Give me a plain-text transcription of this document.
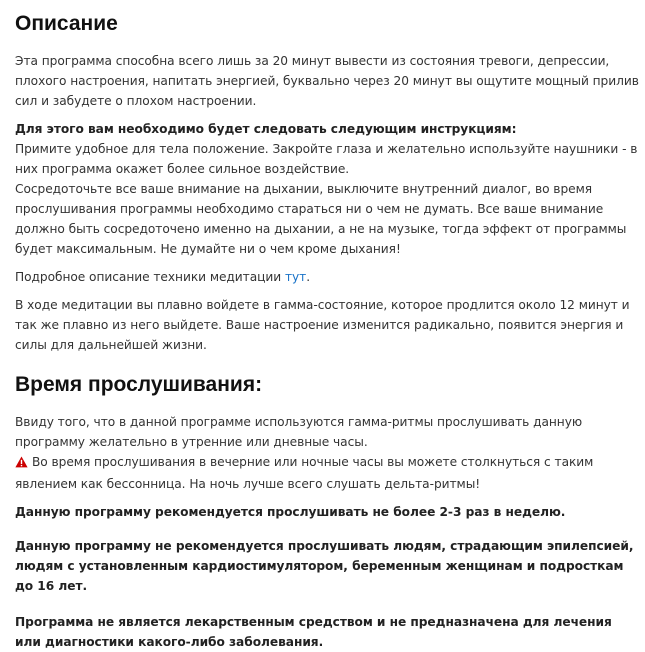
Описание

Эта программа способна всего лишь за 20 минут вывести из состояния тревоги, депрессии, плохого настроения, напитать энергией, буквально через 20 минут вы ощутите мощный прилив сил и забудете о плохом настроении.

Для этого вам необходимо будет следовать следующим инструкциям:
Примите удобное для тела положение. Закройте глаза и желательно используйте наушники - в них программа окажет более сильное воздействие.
Сосредоточьте все ваше внимание на дыхании, выключите внутренний диалог, во время прослушивания программы необходимо стараться ни о чем не думать. Все ваше внимание должно быть сосредоточено именно на дыхании, а не на музыке, тогда эффект от программы будет максимальным. Не думайте ни о чем кроме дыхания!

Подробное описание техники медитации тут.

В ходе медитации вы плавно войдете в гамма-состояние, которое продлится около 12 минут и так же плавно из него выйдете. Ваше настроение изменится радикально, появится энергия и силы для дальнейшей жизни.

Время прослушивания:

Ввиду того, что в данной программе используются гамма-ритмы прослушивать данную программу желательно в утренние или дневные часы.
Во время прослушивания в вечерние или ночные часы вы можете столкнуться с таким явлением как бессонница. На ночь лучше всего слушать дельта-ритмы!

Данную программу рекомендуется прослушивать не более 2-3 раз в неделю.

Данную программу не рекомендуется прослушивать людям, страдающим эпилепсией, людям с установленным кардиостимулятором, беременным женщинам и подросткам до 16 лет.

Программа не является лекарственным средством и не предназначена для лечения или диагностики какого-либо заболевания.
